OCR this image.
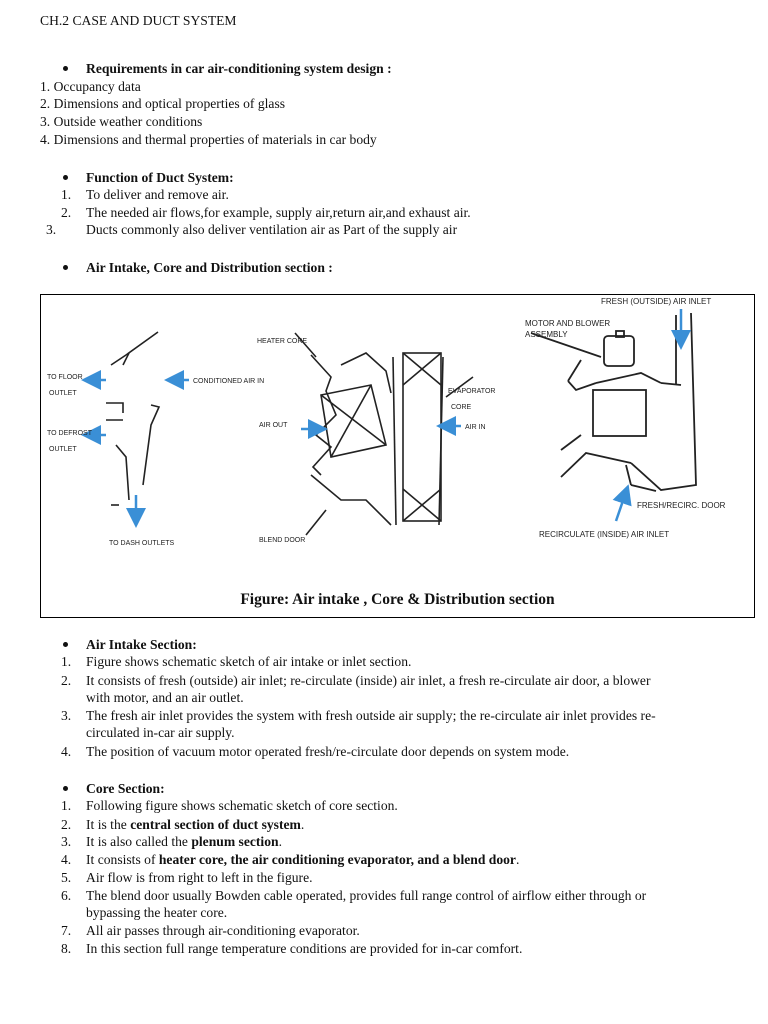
CH.2 CASE AND DUCT SYSTEM
Requirements in car air-conditioning system design :
1. Occupancy data
2. Dimensions and optical properties of glass
3. Outside weather conditions
4. Dimensions and thermal properties of materials in car body
Function of Duct System:
1. To deliver and remove air.
2. The needed air flows,for example, supply air,return air,and exhaust air.
3. Ducts commonly also deliver ventilation air as Part of the supply air
Air Intake, Core and Distribution section :
TO FLOOR
OUTLET
CONDITIONED AIR IN
TO DEFROST
OUTLET
TO DASH OUTLETS
HEATER CORE
EVAPORATOR
CORE
AIR OUT	AIR IN
BLEND DOOR
FRESH (OUTSIDE) AIR INLET
MOTOR AND BLOWER
ASSEMBLY
FRESH/RECIRC. DOOR
RECIRCULATE (INSIDE) AIR INLET
Figure: Air intake , Core & Distribution section
Air Intake Section:
1. Figure shows schematic sketch of air intake or inlet section.
2. It consists of fresh (outside) air inlet; re-circulate (inside) air inlet, a fresh re-circulate air door, a blower
with motor, and an air outlet.
3. The fresh air inlet provides the system with fresh outside air supply; the re-circulate air inlet provides re-
circulated in-car air supply.
4. The position of vacuum motor operated fresh/re-circulate door depends on system mode.
Core Section:
1. Following figure shows schematic sketch of core section.
2. It is the central section of duct system.
3. It is also called the plenum section.
4. It consists of heater core, the air conditioning evaporator, and a blend door.
5. Air flow is from right to left in the figure.
6. The blend door usually Bowden cable operated, provides full range control of airflow either through or
bypassing the heater core.
7. All air passes through air-conditioning evaporator.
8. In this section full range temperature conditions are provided for in-car comfort.
